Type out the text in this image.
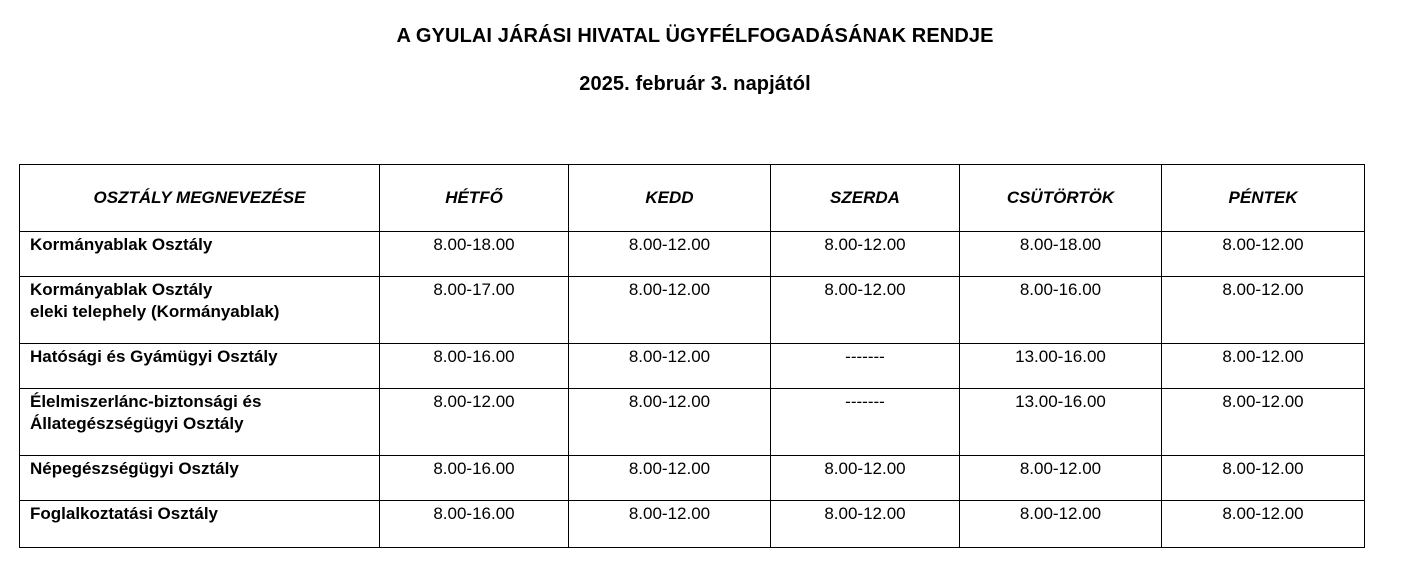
A GYULAI JÁRÁSI HIVATAL ÜGYFÉLFOGADÁSÁNAK RENDJE
2025. február 3. napjától
OSZTÁLY MEGNEVEZÉSE	HÉTFŐ	KEDD	SZERDA	CSÜTÖRTÖK	PÉNTEK
Kormányablak Osztály	8.00-18.00	8.00-12.00	8.00-12.00	8.00-18.00	8.00-12.00
Kormányablak Osztály
eleki telephely (Kormányablak)	8.00-17.00	8.00-12.00	8.00-12.00	8.00-16.00	8.00-12.00
Hatósági és Gyámügyi Osztály	8.00-16.00	8.00-12.00	-------	13.00-16.00	8.00-12.00
Élelmiszerlánc-biztonsági és
Állategészségügyi Osztály	8.00-12.00	8.00-12.00	-------	13.00-16.00	8.00-12.00
Népegészségügyi Osztály	8.00-16.00	8.00-12.00	8.00-12.00	8.00-12.00	8.00-12.00
Foglalkoztatási Osztály	8.00-16.00	8.00-12.00	8.00-12.00	8.00-12.00	8.00-12.00
